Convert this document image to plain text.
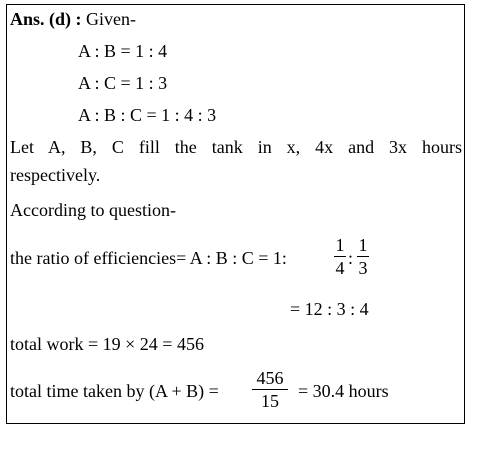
Ans. (d) : Given-
A : B = 1 : 4
A : C = 1 : 3
A : B : C = 1 : 4 : 3
Let A, B, C fill the tank in x, 4x and 3x hours
respectively.
According to question-
the ratio of efficiencies= A : B : C = 1:
1
4 :
1
3
= 12 : 3 : 4
total work = 19 × 24 = 456
total time taken by (A + B) =
456
15	= 30.4 hours
